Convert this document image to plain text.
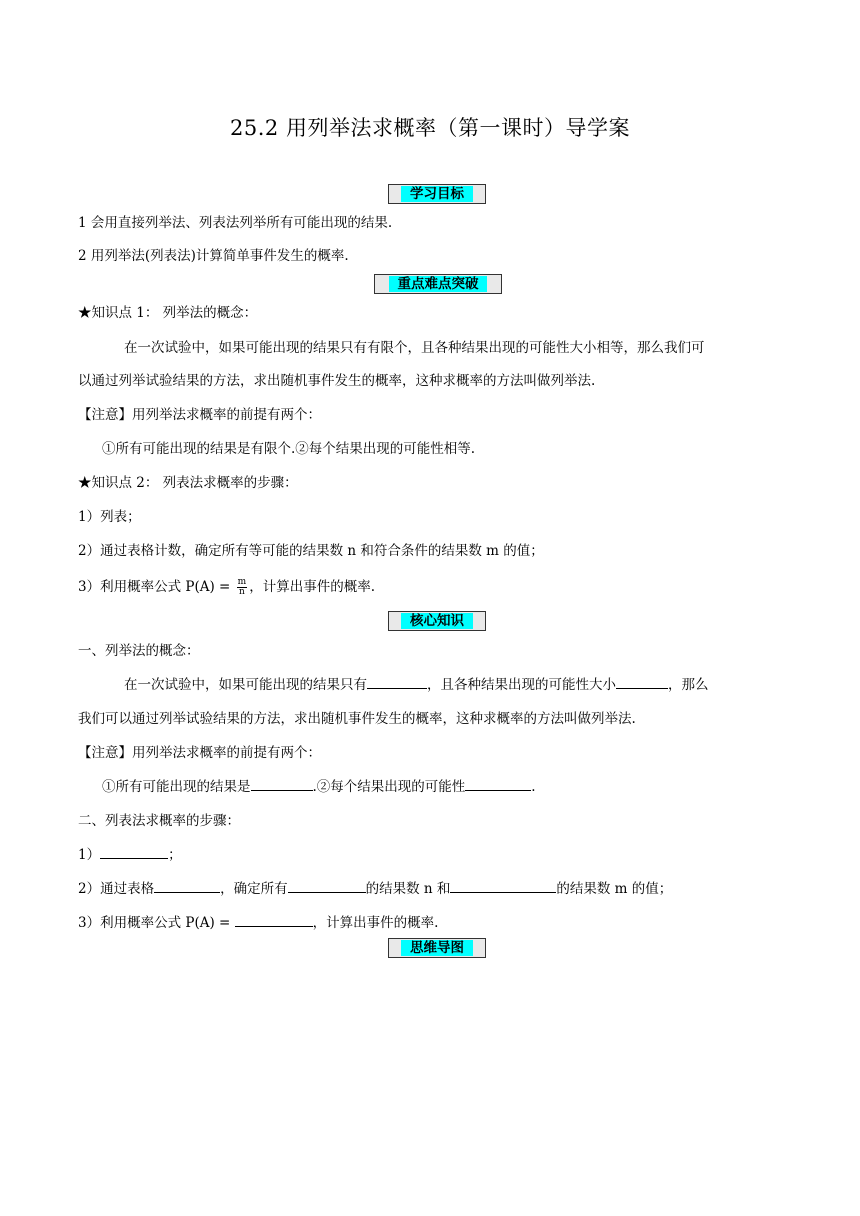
25.2 用列举法求概率（第一课时）导学案
学习目标
1 会用直接列举法、列表法列举所有可能出现的结果.
2 用列举法(列表法)计算简单事件发生的概率.
重点难点突破
★知识点 1： 列举法的概念：
在一次试验中，如果可能出现的结果只有有限个，且各种结果出现的可能性大小相等，那么我们可
以通过列举试验结果的方法，求出随机事件发生的概率，这种求概率的方法叫做列举法.
【注意】用列举法求概率的前提有两个：
①所有可能出现的结果是有限个.②每个结果出现的可能性相等.
★知识点 2： 列表法求概率的步骤：
1）列表；
2）通过表格计数，确定所有等可能的结果数 n 和符合条件的结果数 m 的值；
3）利用概率公式 $P(A) = \frac{m}{n}$ ，计算出事件的概率.
核心知识
一、列举法的概念：
在一次试验中，如果可能出现的结果只有	，且各种结果出现的可能性大小	，那么
我们可以通过列举试验结果的方法，求出随机事件发生的概率，这种求概率的方法叫做列举法.
【注意】用列举法求概率的前提有两个：
①所有可能出现的结果是	.②每个结果出现的可能性	.
二、列表法求概率的步骤：
1）	；
2）通过表格	，确定所有	的结果数 n 和	的结果数 m 的值；
3）利用概率公式 P(A) =	，计算出事件的概率.
思维导图
